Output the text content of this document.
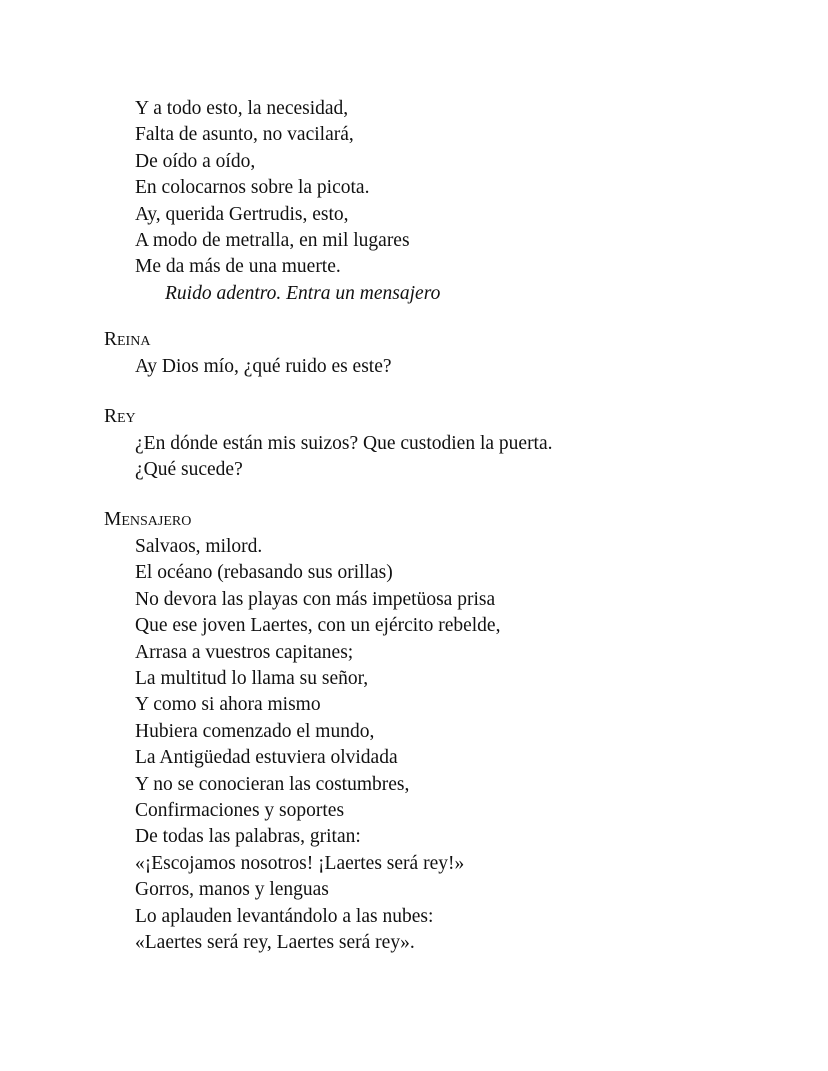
Y a todo esto, la necesidad,

Falta de asunto, no vacilará,

De oído a oído,

En colocarnos sobre la picota.

Ay, querida Gertrudis, esto,

A modo de metralla, en mil lugares

Me da más de una muerte.

Ruido adentro. Entra un mensajero

Reina

Ay Dios mío, ¿qué ruido es este?

Rey

¿En dónde están mis suizos? Que custodien la puerta.

¿Qué sucede?

Mensajero

Salvaos, milord.

El océano (rebasando sus orillas)

No devora las playas con más impetüosa prisa

Que ese joven Laertes, con un ejército rebelde,

Arrasa a vuestros capitanes;

La multitud lo llama su señor,

Y como si ahora mismo

Hubiera comenzado el mundo,

La Antigüedad estuviera olvidada

Y no se conocieran las costumbres,

Confirmaciones y soportes

De todas las palabras, gritan:

«¡Escojamos nosotros! ¡Laertes será rey!»

Gorros, manos y lenguas

Lo aplauden levantándolo a las nubes:

«Laertes será rey, Laertes será rey».
